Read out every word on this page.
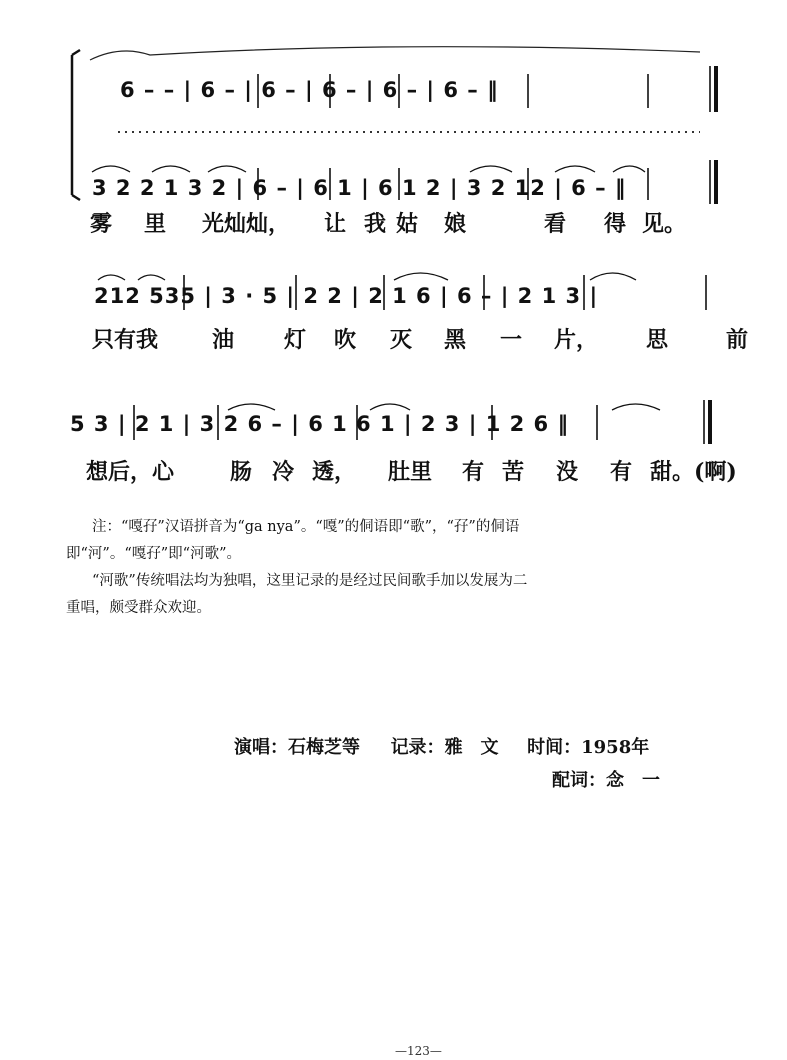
6 – – | 6 – | 6 – | 6 – | 6 – | 6 – ‖
3 2 2 1 3 2 | 6 – | 6 1 | 6 1 2 | 3 2 12 | 6 – ‖
雾 里 光灿灿， 让 我 姑 娘	看 得 见。
212 535 | 3 · 5 | 2 2 | 2 1 6 | 6 – | 2 1 3 |
只有我 油 灯 吹 灭 黑 一 片， 思	前
5 3 | 2 1 | 3 2 6 – | 6 1 6 1 | 2 3 | 1 2 6 ‖
想后，心	肠 冷 透， 肚里 有 苦 没 有 甜。(啊)
注：“嘎孖”汉语拼音为“ga nya”。“嘎”的侗语即“歌”，“孖”的侗语
即“河”。“嘎孖”即“河歌”。
“河歌”传统唱法均为独唱，这里记录的是经过民间歌手加以发展为二
重唱，颇受群众欢迎。
演唱：石梅芝等 记录：雅　文 时间：1958年
配词：念　一
—123—
